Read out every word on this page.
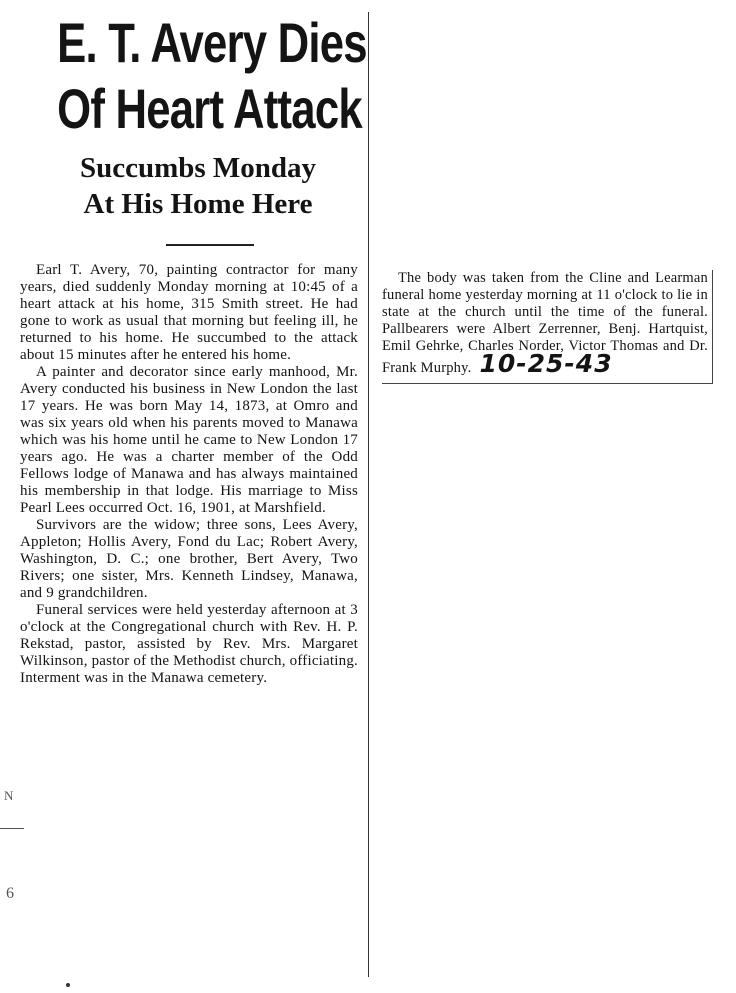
E. T. Avery Dies
Of Heart Attack
Succumbs Monday
At His Home Here

Earl T. Avery, 70, painting contractor for many years, died suddenly Monday morning at 10:45 of a heart attack at his home, 315 Smith street. He had gone to work as usual that morning but feeling ill, he returned to his home. He succumbed to the attack about 15 minutes after he entered his home.

A painter and decorator since early manhood, Mr. Avery conducted his business in New London the last 17 years. He was born May 14, 1873, at Omro and was six years old when his parents moved to Manawa which was his home until he came to New London 17 years ago. He was a charter member of the Odd Fellows lodge of Manawa and has always maintained his membership in that lodge. His marriage to Miss Pearl Lees occurred Oct. 16, 1901, at Marshfield.

Survivors are the widow; three sons, Lees Avery, Appleton; Hollis Avery, Fond du Lac; Robert Avery, Washington, D. C.; one brother, Bert Avery, Two Rivers; one sister, Mrs. Kenneth Lindsey, Manawa, and 9 grandchildren.

Funeral services were held yesterday afternoon at 3 o'clock at the Congregational church with Rev. H. P. Rekstad, pastor, assisted by Rev. Mrs. Margaret Wilkinson, pastor of the Methodist church, officiating. Interment was in the Manawa cemetery.

The body was taken from the Cline and Learman funeral home yesterday morning at 11 o'clock to lie in state at the church until the time of the funeral. Pallbearers were Albert Zerrenner, Benj. Hartquist, Emil Gehrke, Charles Norder, Victor Thomas and Dr. Frank Murphy. 10-25-43

N
6
